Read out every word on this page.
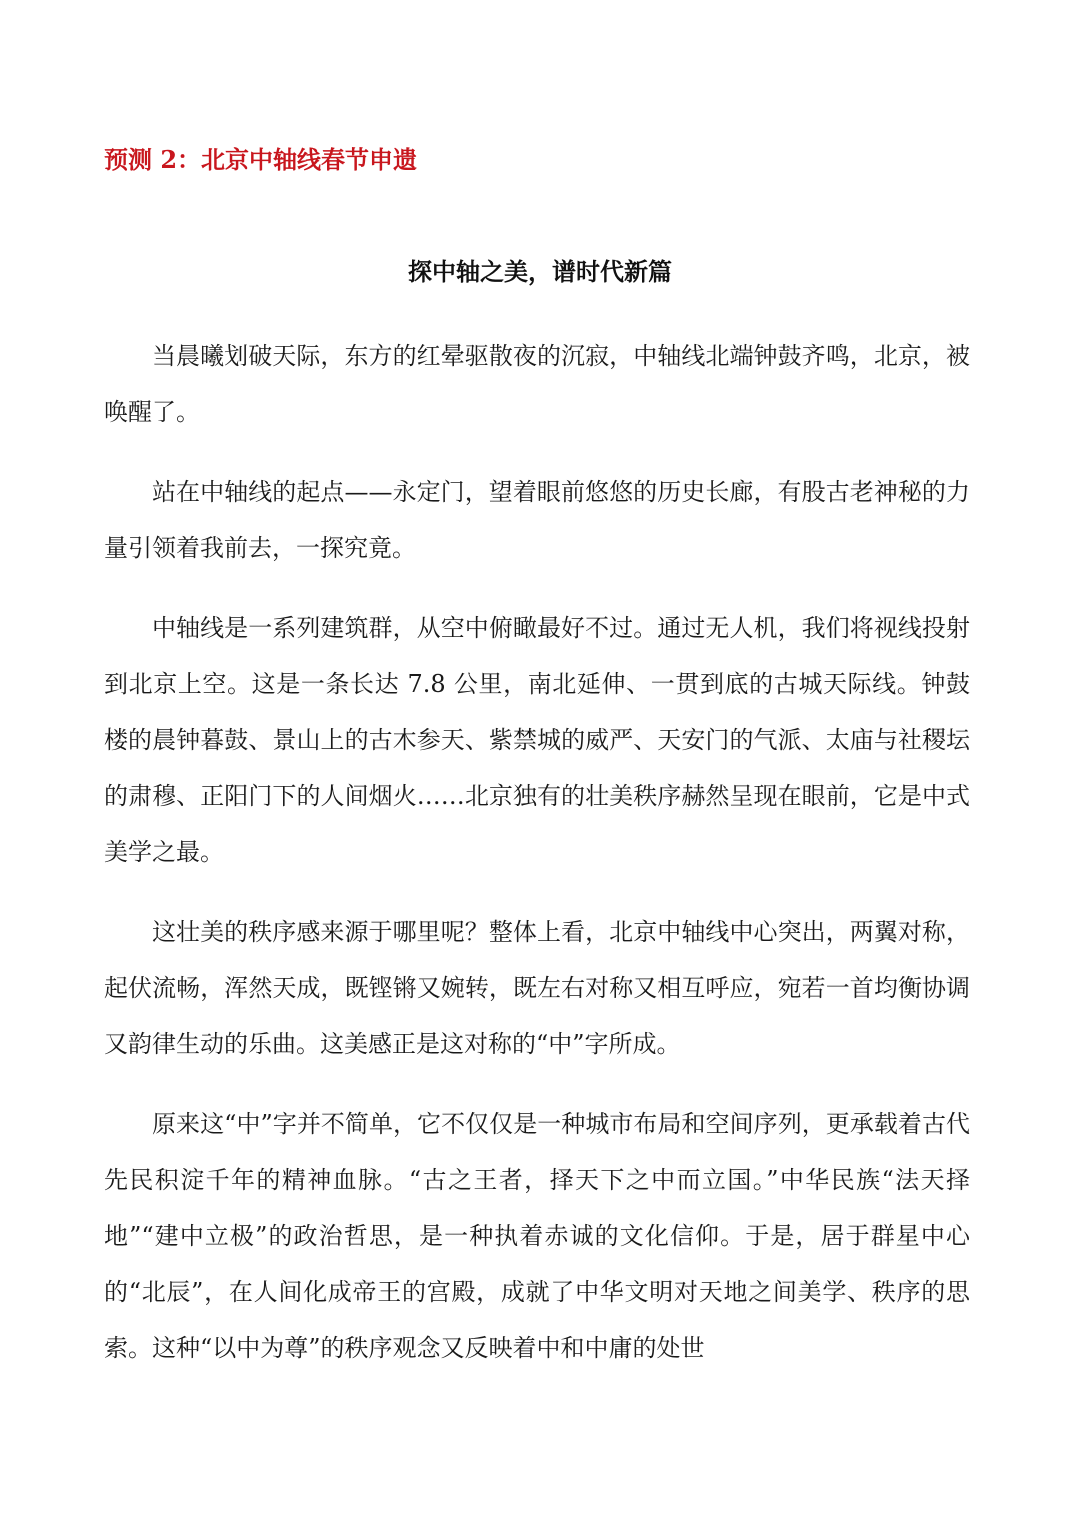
预测 2：北京中轴线春节申遗
探中轴之美，谱时代新篇

当晨曦划破天际，东方的红晕驱散夜的沉寂，中轴线北端钟鼓齐鸣，北京，被唤醒了。

站在中轴线的起点——永定门，望着眼前悠悠的历史长廊，有股古老神秘的力量引领着我前去，一探究竟。

中轴线是一系列建筑群，从空中俯瞰最好不过。通过无人机，我们将视线投射到北京上空。这是一条长达 7.8 公里，南北延伸、一贯到底的古城天际线。钟鼓楼的晨钟暮鼓、景山上的古木参天、紫禁城的威严、天安门的气派、太庙与社稷坛的肃穆、正阳门下的人间烟火……北京独有的壮美秩序赫然呈现在眼前，它是中式美学之最。

这壮美的秩序感来源于哪里呢？整体上看，北京中轴线中心突出，两翼对称，起伏流畅，浑然天成，既铿锵又婉转，既左右对称又相互呼应，宛若一首均衡协调又韵律生动的乐曲。这美感正是这对称的“中”字所成。

原来这“中”字并不简单，它不仅仅是一种城市布局和空间序列，更承载着古代先民积淀千年的精神血脉。“古之王者，择天下之中而立国。”中华民族“法天择地”“建中立极”的政治哲思，是一种执着赤诚的文化信仰。于是，居于群星中心的“北辰”，在人间化成帝王的宫殿，成就了中华文明对天地之间美学、秩序的思索。这种“以中为尊”的秩序观念又反映着中和中庸的处世
